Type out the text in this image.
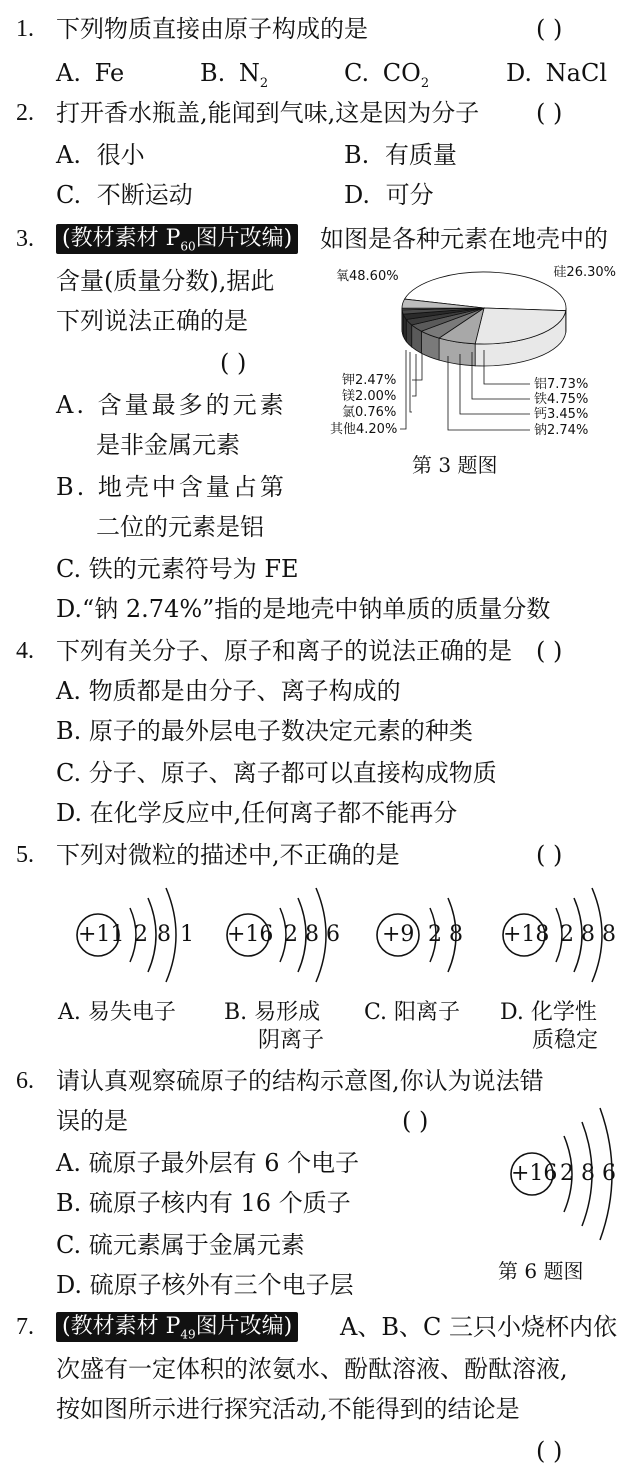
1. 下列物质直接由原子构成的是	( )
A. Fe	B. $N_2$	C. $CO_2$	D. NaCl
2. 打开香水瓶盖,能闻到气味,这是因为分子 ( )
A. 很小	B. 有质量
C. 不断运动	D. 可分
3. (教材素材 $P_{60}$图片改编) 如图是各种元素在地壳中的
含量(质量分数),据此
下列说法正确的是
( )
A. 含量最多的元素
是非金属元素
B. 地壳中含量占第
二位的元素是铝
C. 铁的元素符号为 FE
D.“钠 2.74%”指的是地壳中钠单质的质量分数
氧48.60%	硅26.30%
铝7.73%
铁4.75%
钙3.45%
钠2.74%
钾2.47%
镁2.00%
氯0.76%
其他4.20%
第 3 题图
4. 下列有关分子、原子和离子的说法正确的是 ( )
A. 物质都是由分子、离子构成的
B. 原子的最外层电子数决定元素的种类
C. 分子、原子、离子都可以直接构成物质
D. 在化学反应中,任何离子都不能再分
5. 下列对微粒的描述中,不正确的是	( )
+11 2 8 1 +16 2 8 6 +9 2 8 +18 2 8 8
A. 易失电子 B. 易形成
阴离子
C. 阳离子 D. 化学性
质稳定
6. 请认真观察硫原子的结构示意图,你认为说法错
误的是	( )
A. 硫原子最外层有 6 个电子
B. 硫原子核内有 16 个质子
C. 硫元素属于金属元素
D. 硫原子核外有三个电子层
+16 2 8 6
第 6 题图
7. (教材素材 $P_{49}$图片改编) A、B、C 三只小烧杯内依
次盛有一定体积的浓氨水、酚酞溶液、酚酞溶液,
按如图所示进行探究活动,不能得到的结论是
( )
